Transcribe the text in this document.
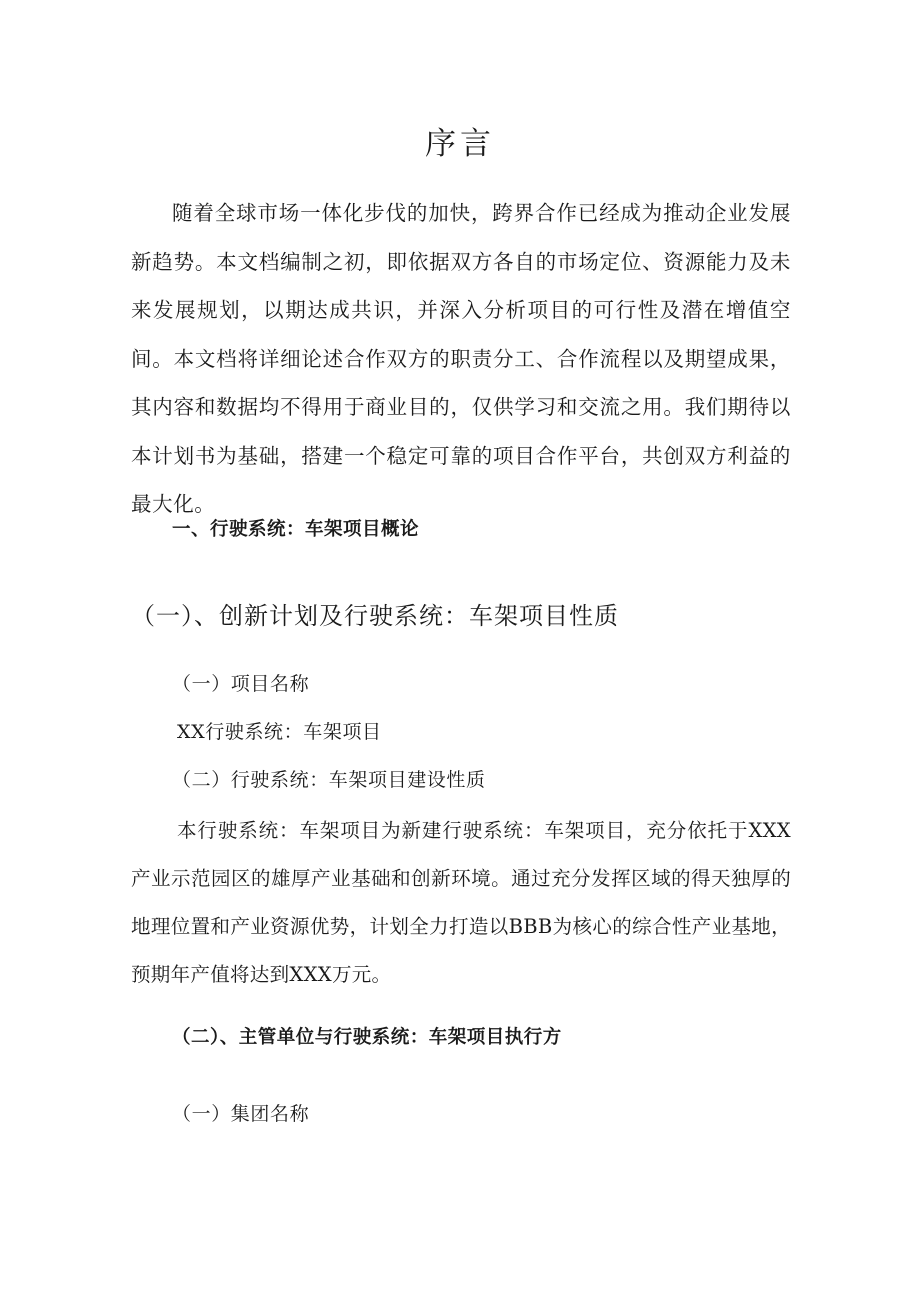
序言

随着全球市场一体化步伐的加快，跨界合作已经成为推动企业发展新趋势。本文档编制之初，即依据双方各自的市场定位、资源能力及未来发展规划，以期达成共识，并深入分析项目的可行性及潜在增值空间。本文档将详细论述合作双方的职责分工、合作流程以及期望成果，其内容和数据均不得用于商业目的，仅供学习和交流之用。我们期待以本计划书为基础，搭建一个稳定可靠的项目合作平台，共创双方利益的最大化。

一、行驶系统：车架项目概论
（一）、创新计划及行驶系统：车架项目性质

（一）项目名称

XX行驶系统：车架项目

（二）行驶系统：车架项目建设性质

本行驶系统：车架项目为新建行驶系统：车架项目，充分依托于XXX产业示范园区的雄厚产业基础和创新环境。通过充分发挥区域的得天独厚的地理位置和产业资源优势，计划全力打造以BBB为核心的综合性产业基地，预期年产值将达到XXX万元。

（二）、主管单位与行驶系统：车架项目执行方

（一）集团名称
